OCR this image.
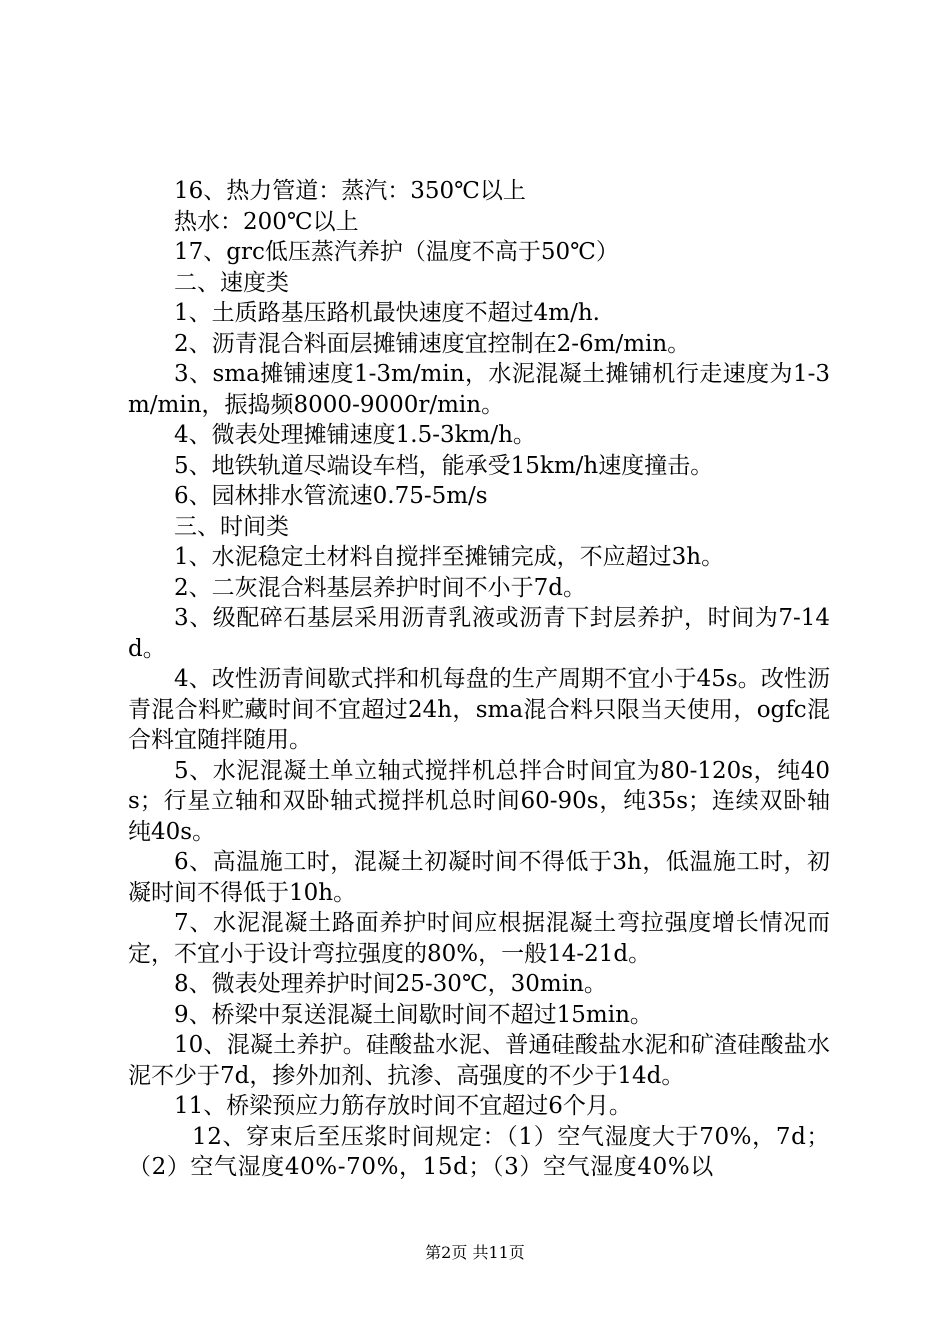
16、热力管道：蒸汽：350℃以上

热水：200℃以上

17、grc低压蒸汽养护（温度不高于50℃）

二、速度类

1、土质路基压路机最快速度不超过4m/h.

2、沥青混合料面层摊铺速度宜控制在2-6m/min。

3、sma摊铺速度1-3m/min，水泥混凝土摊铺机行走速度为1-3m/min，振捣频8000-9000r/min。

4、微表处理摊铺速度1.5-3km/h。

5、地铁轨道尽端设车档，能承受15km/h速度撞击。

6、园林排水管流速0.75-5m/s

三、时间类

1、水泥稳定土材料自搅拌至摊铺完成，不应超过3h。

2、二灰混合料基层养护时间不小于7d。

3、级配碎石基层采用沥青乳液或沥青下封层养护，时间为7-14d。

4、改性沥青间歇式拌和机每盘的生产周期不宜小于45s。改性沥青混合料贮藏时间不宜超过24h，sma混合料只限当天使用，ogfc混合料宜随拌随用。

5、水泥混凝土单立轴式搅拌机总拌合时间宜为80-120s，纯40s；行星立轴和双卧轴式搅拌机总时间60-90s，纯35s；连续双卧轴纯40s。

6、高温施工时，混凝土初凝时间不得低于3h，低温施工时，初凝时间不得低于10h。

7、水泥混凝土路面养护时间应根据混凝土弯拉强度增长情况而定，不宜小于设计弯拉强度的80%，一般14-21d。

8、微表处理养护时间25-30℃，30min。

9、桥梁中泵送混凝土间歇时间不超过15min。

10、混凝土养护。硅酸盐水泥、普通硅酸盐水泥和矿渣硅酸盐水泥不少于7d，掺外加剂、抗渗、高强度的不少于14d。

11、桥梁预应力筋存放时间不宜超过6个月。

12、穿束后至压浆时间规定：（1）空气湿度大于70%，7d；（2）空气湿度40%-70%，15d；（3）空气湿度40%以

第2页 共11页
